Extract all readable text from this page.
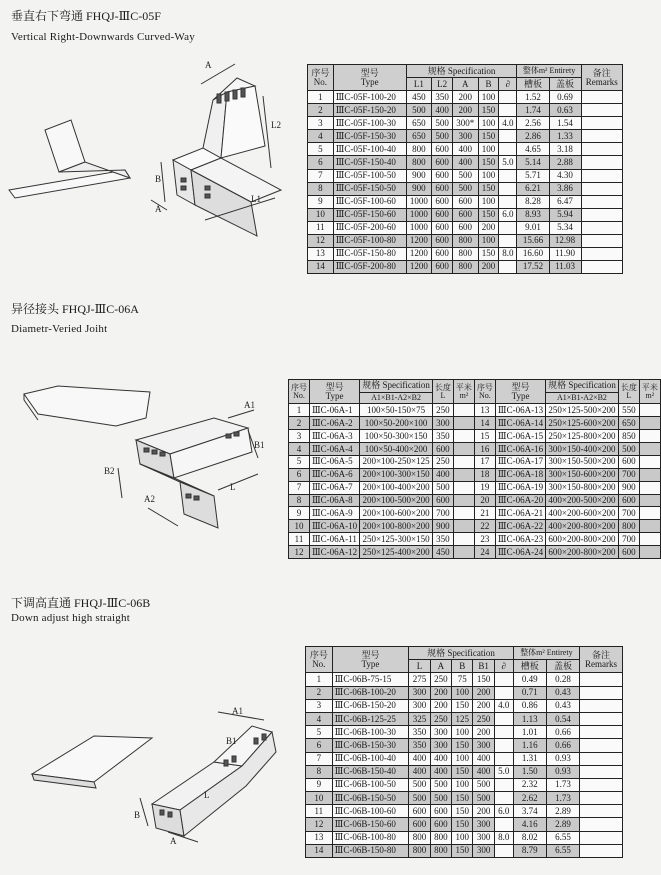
垂直右下弯通 FHQJ-ⅢC-05F
Vertical Right-Downwards Curved-Way
A
L2
L1
B
A
序号
No.	型号
Type	规格 Specification					整体m² Entirety		备注
Remarks
		L1	L2	A	B	∂	槽板	盖板	
1	ⅢC-05F-100-20	450	350	200	100		1.52	0.69	
2	ⅢC-05F-150-20	500	400	200	150		1.74	0.63	
3	ⅢC-05F-100-30	650	500	300*	100	4.0	2.56	1.54	
4	ⅢC-05F-150-30	650	500	300	150		2.86	1.33	
5	ⅢC-05F-100-40	800	600	400	100		4.65	3.18	
6	ⅢC-05F-150-40	800	600	400	150	5.0	5.14	2.88	
7	ⅢC-05F-100-50	900	600	500	100		5.71	4.30	
8	ⅢC-05F-150-50	900	600	500	150		6.21	3.86	
9	ⅢC-05F-100-60	1000	600	600	100		8.28	6.47	
10	ⅢC-05F-150-60	1000	600	600	150	6.0	8.93	5.94	
11	ⅢC-05F-200-60	1000	600	600	200		9.01	5.34	
12	ⅢC-05F-100-80	1200	600	800	100		15.66	12.98	
13	ⅢC-05F-150-80	1200	600	800	150	8.0	16.60	11.90	
14	ⅢC-05F-200-80	1200	600	800	200		17.52	11.03	
异径接头 FHQJ-ⅢC-06A
Diametr-Veried Joiht
A1
B1
B2
A2
L
序号
No.	型号
Type	规格 Specification	长度
L	平米
m²	序号
No.	型号
Type	规格 Specification	长度
L	平米
m²
		A1×B1-A2×B2					A1×B1-A2×B2		
1	ⅢC-06A-1	100×50-150×75	250		13	ⅢC-06A-13	250×125-500×200	550	
2	ⅢC-06A-2	100×50-200×100	300		14	ⅢC-06A-14	250×125-600×200	650	
3	ⅢC-06A-3	100×50-300×150	350		15	ⅢC-06A-15	250×125-800×200	850	
4	ⅢC-06A-4	100×50-400×200	600		16	ⅢC-06A-16	300×150-400×200	500	
5	ⅢC-06A-5	200×100-250×125	250		17	ⅢC-06A-17	300×150-500×200	600	
6	ⅢC-06A-6	200×100-300×150	400		18	ⅢC-06A-18	300×150-600×200	700	
7	ⅢC-06A-7	200×100-400×200	500		19	ⅢC-06A-19	300×150-800×200	900	
8	ⅢC-06A-8	200×100-500×200	600		20	ⅢC-06A-20	400×200-500×200	600	
9	ⅢC-06A-9	200×100-600×200	700		21	ⅢC-06A-21	400×200-600×200	700	
10	ⅢC-06A-10	200×100-800×200	900		22	ⅢC-06A-22	400×200-800×200	800	
11	ⅢC-06A-11	250×125-300×150	350		23	ⅢC-06A-23	600×200-800×200	700	
12	ⅢC-06A-12	250×125-400×200	450		24	ⅢC-06A-24	600×200-800×200	600	
下调高直通 FHQJ-ⅢC-06B
Down adjust high straight
A1
B1
A
B
L
序号
No.	型号
Type	规格 Specification					整体m² Entirety		备注
Remarks
		L	A	B	B1	∂	槽板	盖板	
1	ⅢC-06B-75-15	275	250	75	150		0.49	0.28	
2	ⅢC-06B-100-20	300	200	100	200		0.71	0.43	
3	ⅢC-06B-150-20	300	200	150	200	4.0	0.86	0.43	
4	ⅢC-06B-125-25	325	250	125	250		1.13	0.54	
5	ⅢC-06B-100-30	350	300	100	200		1.01	0.66	
6	ⅢC-06B-150-30	350	300	150	300		1.16	0.66	
7	ⅢC-06B-100-40	400	400	100	400		1.31	0.93	
8	ⅢC-06B-150-40	400	400	150	400	5.0	1.50	0.93	
9	ⅢC-06B-100-50	500	500	100	500		2.32	1.73	
10	ⅢC-06B-150-50	500	500	150	500		2.62	1.73	
11	ⅢC-06B-100-60	600	600	150	200	6.0	3.74	2.89	
12	ⅢC-06B-150-60	600	600	150	300		4.16	2.89	
13	ⅢC-06B-100-80	800	800	100	300	8.0	8.02	6.55	
14	ⅢC-06B-150-80	800	800	150	300		8.79	6.55	
